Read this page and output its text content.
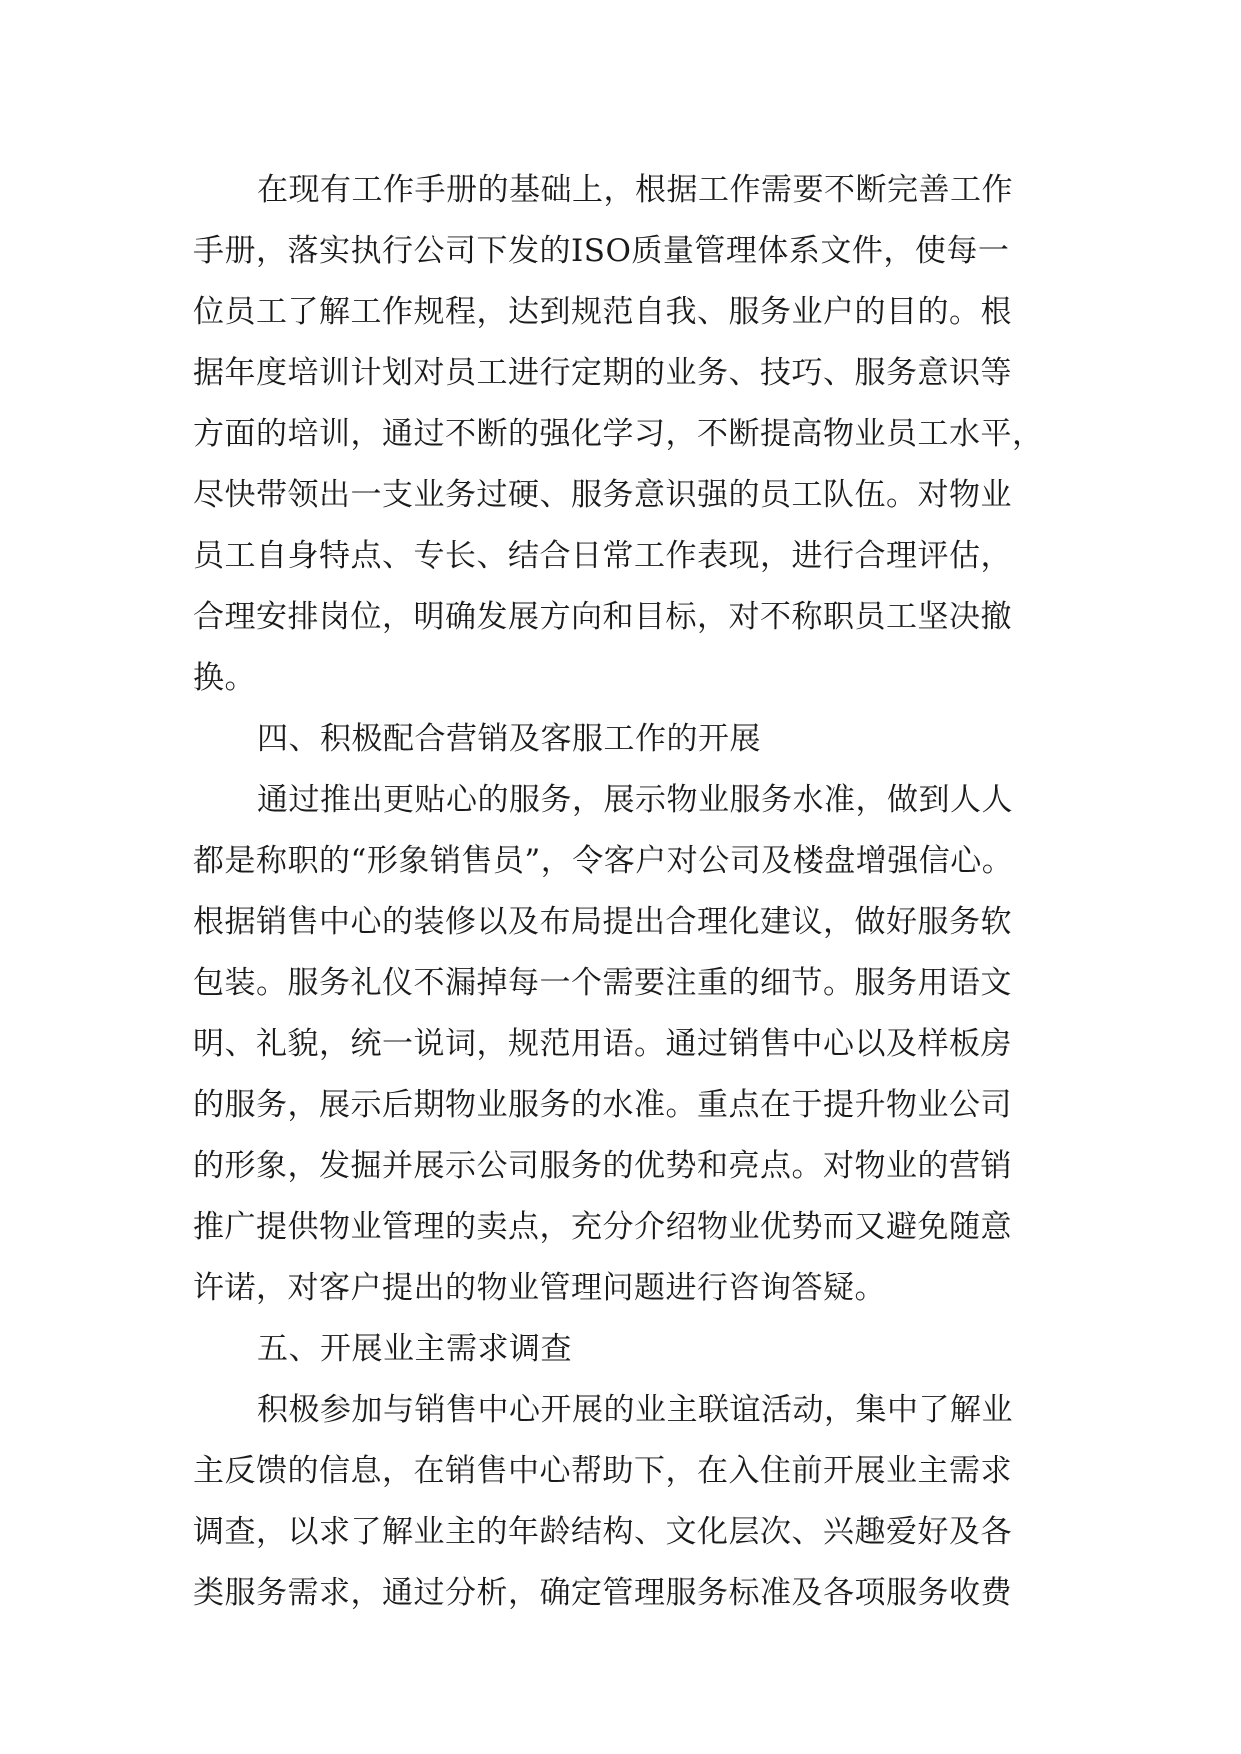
在现有工作手册的基础上，根据工作需要不断完善工作
手册，落实执行公司下发的ISO质量管理体系文件，使每一
位员工了解工作规程，达到规范自我、服务业户的目的。根
据年度培训计划对员工进行定期的业务、技巧、服务意识等
方面的培训，通过不断的强化学习，不断提高物业员工水平，
尽快带领出一支业务过硬、服务意识强的员工队伍。对物业
员工自身特点、专长、结合日常工作表现，进行合理评估，
合理安排岗位，明确发展方向和目标，对不称职员工坚决撤
换。
四、积极配合营销及客服工作的开展
通过推出更贴心的服务，展示物业服务水准，做到人人
都是称职的“形象销售员”，令客户对公司及楼盘增强信心。
根据销售中心的装修以及布局提出合理化建议，做好服务软
包装。服务礼仪不漏掉每一个需要注重的细节。服务用语文
明、礼貌，统一说词，规范用语。通过销售中心以及样板房
的服务，展示后期物业服务的水准。重点在于提升物业公司
的形象，发掘并展示公司服务的优势和亮点。对物业的营销
推广提供物业管理的卖点，充分介绍物业优势而又避免随意
许诺，对客户提出的物业管理问题进行咨询答疑。
五、开展业主需求调查
积极参加与销售中心开展的业主联谊活动，集中了解业
主反馈的信息，在销售中心帮助下，在入住前开展业主需求
调查，以求了解业主的年龄结构、文化层次、兴趣爱好及各
类服务需求，通过分析，确定管理服务标准及各项服务收费
